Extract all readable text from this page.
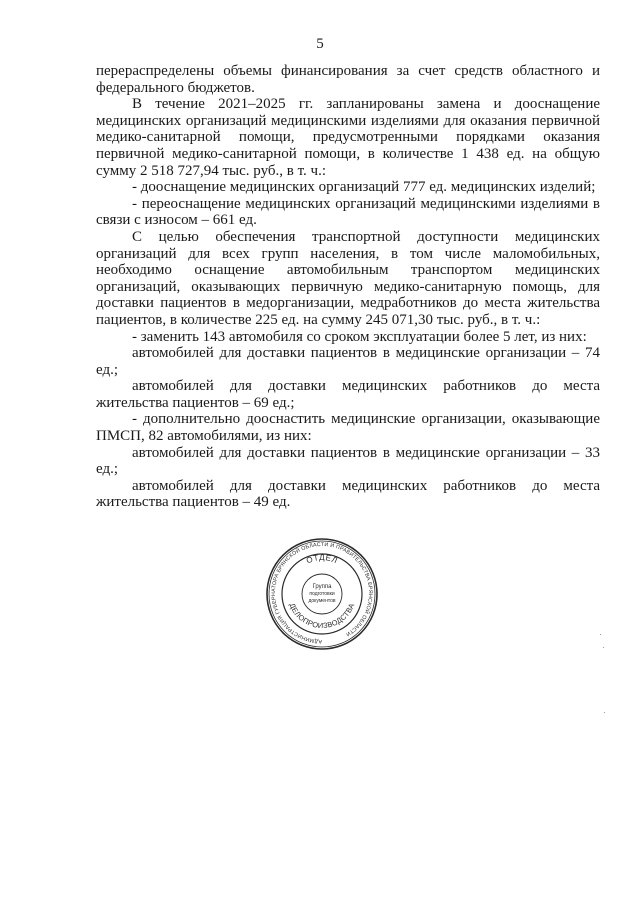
5

перераспределены объемы финансирования за счет средств областного и федерального бюджетов.

В течение 2021–2025 гг. запланированы замена и дооснащение медицинских организаций медицинскими изделиями для оказания первичной медико-санитарной помощи, предусмотренными порядками оказания первичной медико-санитарной помощи, в количестве 1 438 ед. на общую сумму 2 518 727,94 тыс. руб., в т. ч.:

- дооснащение медицинских организаций 777 ед. медицинских изделий;

- переоснащение медицинских организаций медицинскими изделиями в связи с износом – 661 ед.

С целью обеспечения транспортной доступности медицинских организаций для всех групп населения, в том числе маломобильных, необходимо оснащение автомобильным транспортом медицинских организаций, оказывающих первичную медико-санитарную помощь, для доставки пациентов в медорганизации, медработников до места жительства пациентов, в количестве 225 ед. на сумму 245 071,30 тыс. руб., в т. ч.:

- заменить 143 автомобиля со сроком эксплуатации более 5 лет, из них:

автомобилей для доставки пациентов в медицинские организации – 74 ед.;

автомобилей для доставки медицинских работников до места жительства пациентов – 69 ед.;

- дополнительно дооснастить медицинские организации, оказывающие ПМСП, 82 автомобилями, из них:

автомобилей для доставки пациентов в медицинские организации – 33 ед.;

автомобилей для доставки медицинских работников до места жительства пациентов – 49 ед.

АДМИНИСТРАЦИЯ ГУБЕРНАТОРА БРЯНСКОЙ ОБЛАСТИ И ПРАВИТЕЛЬСТВА БРЯНСКОЙ ОБЛАСТИ
ОТДЕЛ
ДЕЛОПРОИЗВОДСТВА
Группа
подготовки
документов
